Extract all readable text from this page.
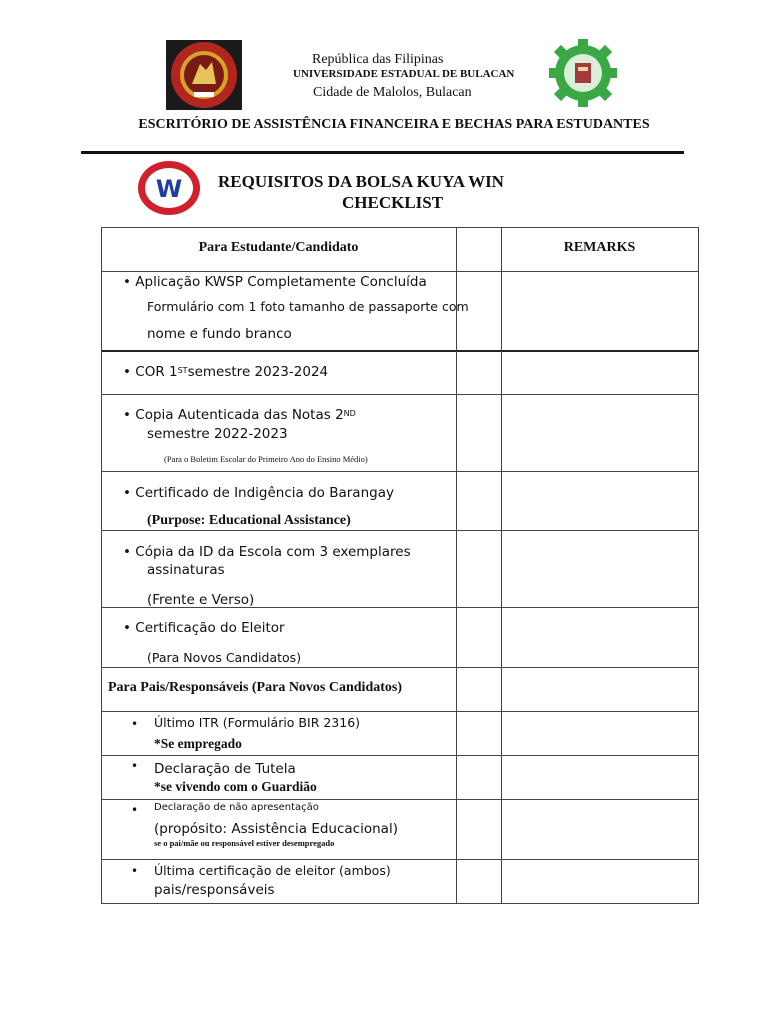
República das Filipinas
UNIVERSIDADE ESTADUAL DE BULACAN
Cidade de Malolos, Bulacan
ESCRITÓRIO DE ASSISTÊNCIA FINANCEIRA E BECHAS PARA ESTUDANTES
W REQUISITOS DA BOLSA KUYA WIN
CHECKLIST
Para Estudante/Candidato	REMARKS
• Aplicação KWSP Completamente Concluída
Formulário com 1 foto tamanho de passaporte com
nome e fundo branco
• COR 1STsemestre 2023-2024
• Copia Autenticada das Notas 2ND
semestre 2022-2023
(Para o Boletim Escolar do Primeiro Ano do Ensino Médio)
• Certificado de Indigência do Barangay
(Purpose: Educational Assistance)
• Cópia da ID da Escola com 3 exemplares
assinaturas
(Frente e Verso)
• Certificação do Eleitor
(Para Novos Candidatos)
Para Pais/Responsáveis (Para Novos Candidatos)
• Último ITR (Formulário BIR 2316)
*Se empregado
• Declaração de Tutela
*se vivendo com o Guardião
• Declaração de não apresentação
(propósito: Assistência Educacional)
se o pai/mãe ou responsável estiver desempregado
• Última certificação de eleitor (ambos)
pais/responsáveis
